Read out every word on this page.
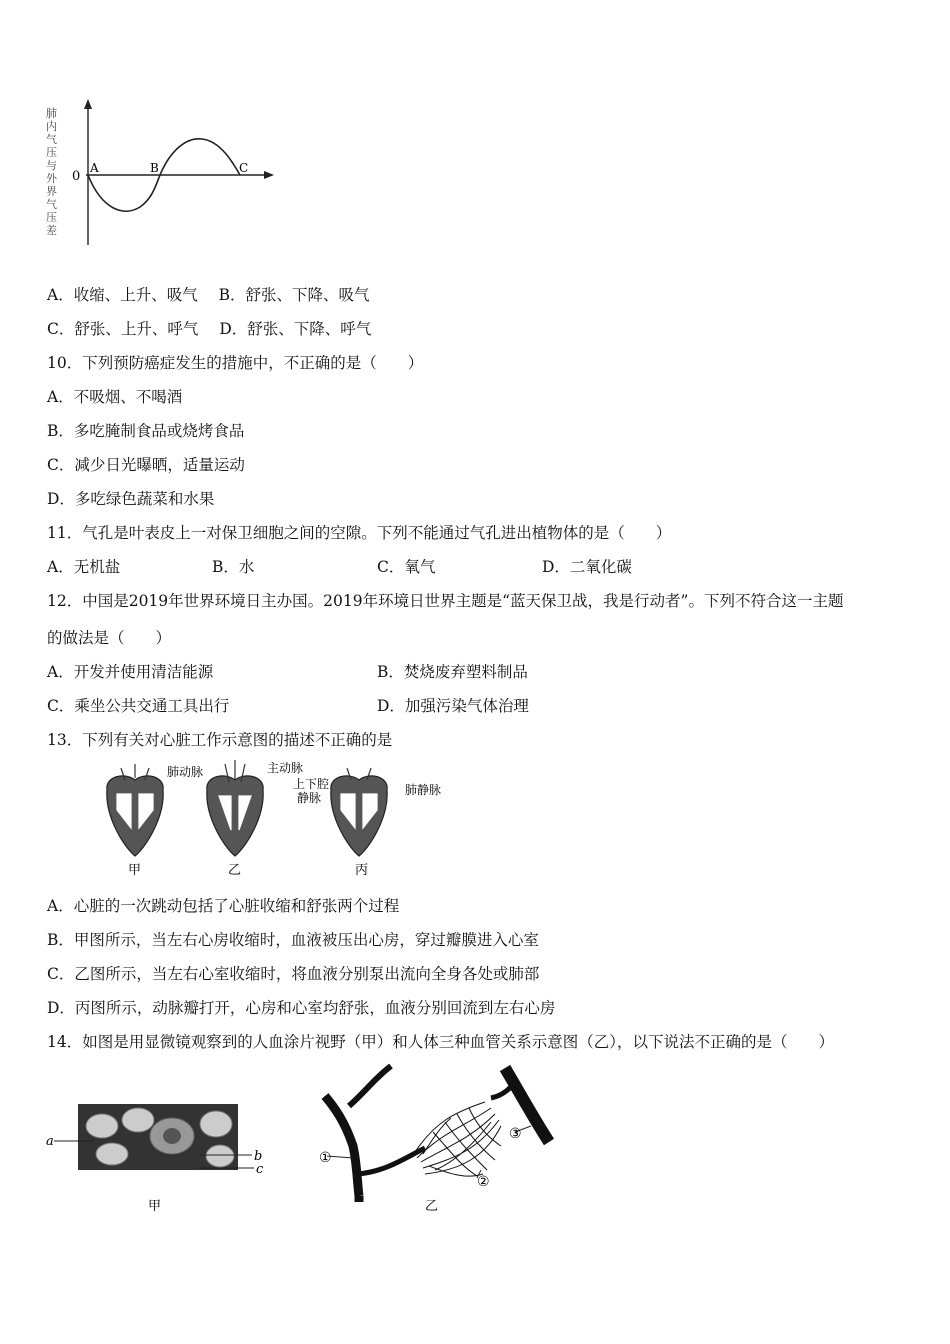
0
A	B	C
肺内气压与外界气压差
A．收缩、上升、吸气 B．舒张、下降、吸气
C．舒张、上升、呼气 D．舒张、下降、呼气
10．下列预防癌症发生的措施中，不正确的是（　　）
A．不吸烟、不喝酒
B．多吃腌制食品或烧烤食品
C．减少日光曝晒，适量运动
D．多吃绿色蔬菜和水果
11．气孔是叶表皮上一对保卫细胞之间的空隙。下列不能通过气孔进出植物体的是（　　）
A．无机盐	B．水	C．氧气	D．二氧化碳
12．中国是2019年世界环境日主办国。2019年环境日世界主题是“蓝天保卫战，我是行动者”。下列不符合这一主题
的做法是（　　）
A．开发并使用清洁能源	B．焚烧废弃塑料制品
C．乘坐公共交通工具出行	D．加强污染气体治理
13．下列有关对心脏工作示意图的描述不正确的是
肺动脉	主动脉
上下腔
静脉
肺静脉
甲	乙	丙
A．心脏的一次跳动包括了心脏收缩和舒张两个过程
B．甲图所示，当左右心房收缩时，血液被压出心房，穿过瓣膜进入心室
C．乙图所示，当左右心室收缩时，将血液分别泵出流向全身各处或肺部
D．丙图所示，动脉瓣打开，心房和心室均舒张，血液分别回流到左右心房
14．如图是用显微镜观察到的人血涂片视野（甲）和人体三种血管关系示意图（乙），以下说法不正确的是（　　）
a
b
c
甲
①
②
③
乙
